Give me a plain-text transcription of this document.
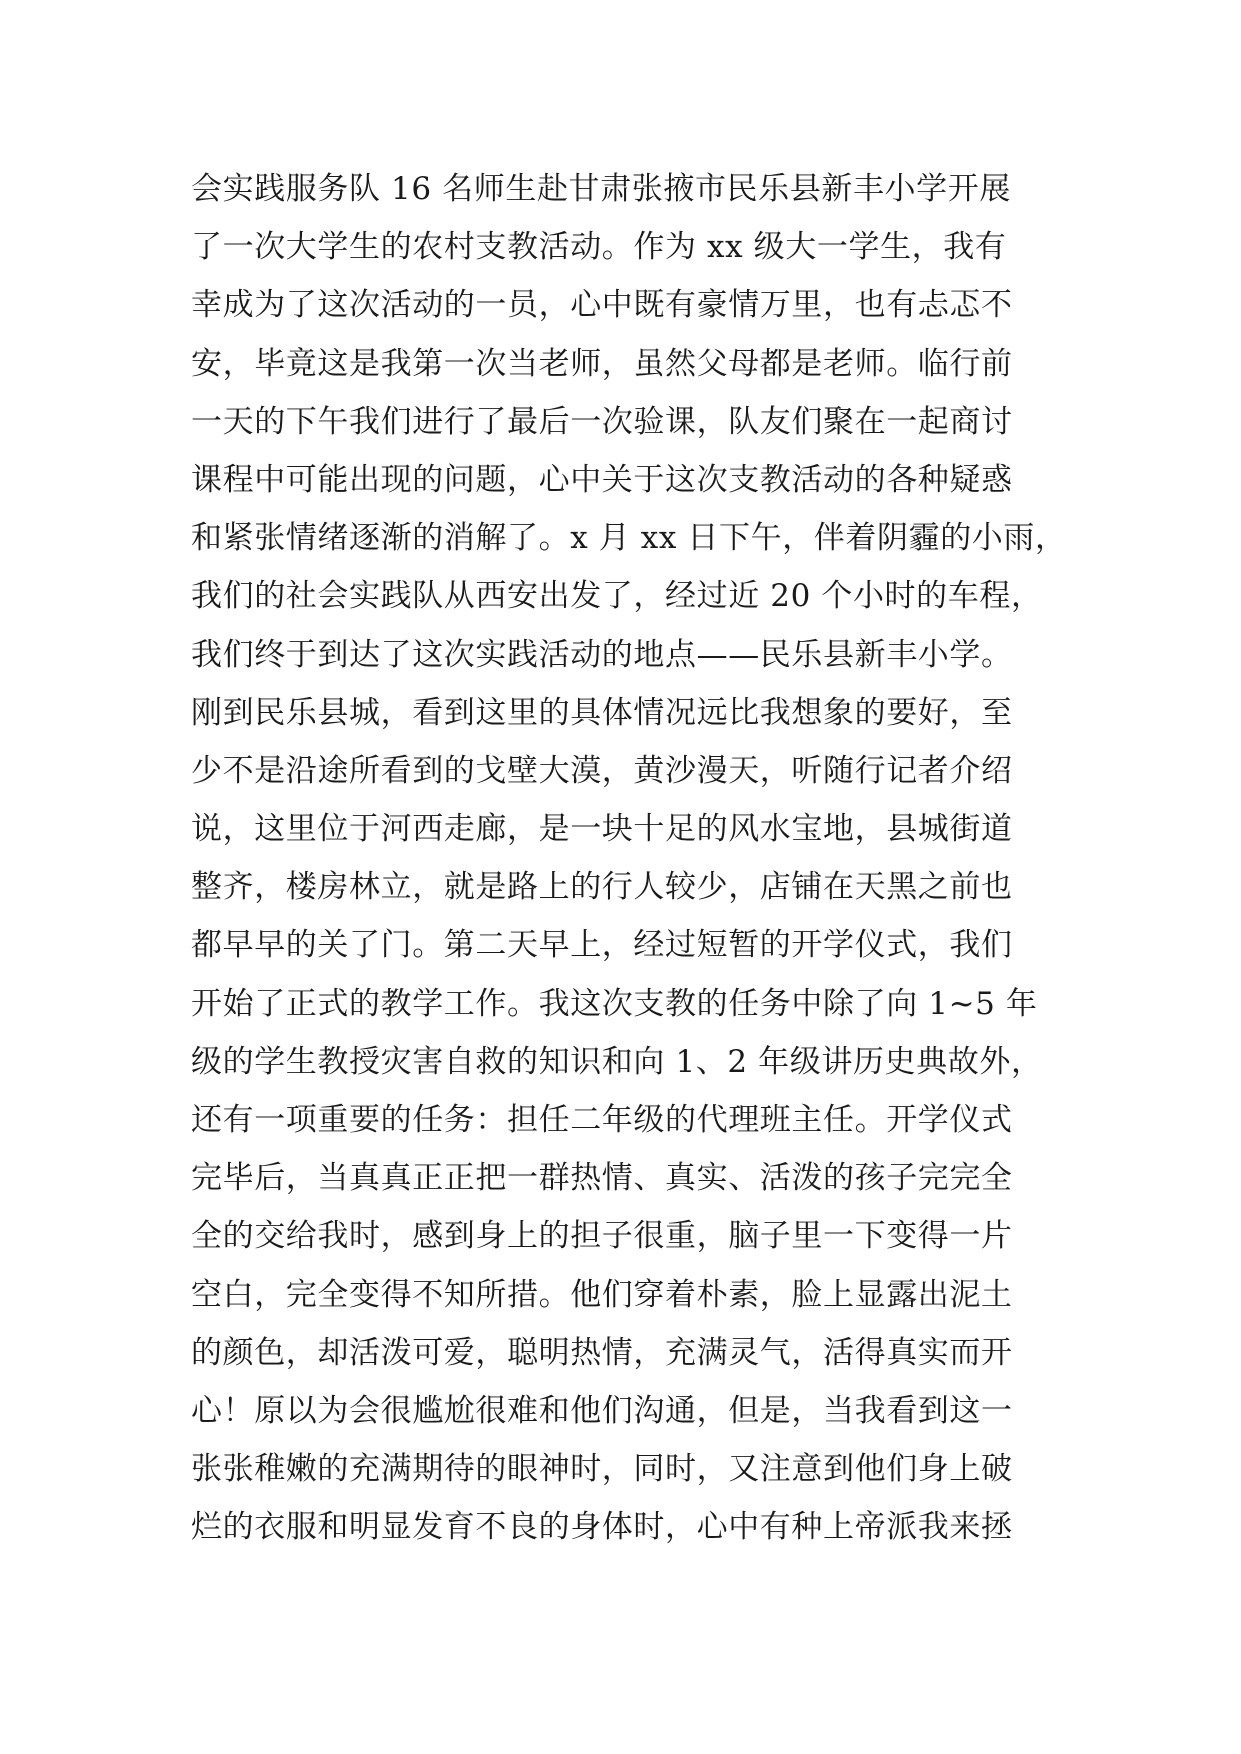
会实践服务队 16 名师生赴甘肃张掖市民乐县新丰小学开展
了一次大学生的农村支教活动。作为 xx 级大一学生，我有
幸成为了这次活动的一员，心中既有豪情万里，也有忐忑不
安，毕竟这是我第一次当老师，虽然父母都是老师。临行前
一天的下午我们进行了最后一次验课，队友们聚在一起商讨
课程中可能出现的问题，心中关于这次支教活动的各种疑惑
和紧张情绪逐渐的消解了。x 月 xx 日下午，伴着阴霾的小雨，
我们的社会实践队从西安出发了，经过近 20 个小时的车程，
我们终于到达了这次实践活动的地点——民乐县新丰小学。
刚到民乐县城，看到这里的具体情况远比我想象的要好，至
少不是沿途所看到的戈壁大漠，黄沙漫天，听随行记者介绍
说，这里位于河西走廊，是一块十足的风水宝地，县城街道
整齐，楼房林立，就是路上的行人较少，店铺在天黑之前也
都早早的关了门。第二天早上，经过短暂的开学仪式，我们
开始了正式的教学工作。我这次支教的任务中除了向 1~5 年
级的学生教授灾害自救的知识和向 1、2 年级讲历史典故外，
还有一项重要的任务：担任二年级的代理班主任。开学仪式
完毕后，当真真正正把一群热情、真实、活泼的孩子完完全
全的交给我时，感到身上的担子很重，脑子里一下变得一片
空白，完全变得不知所措。他们穿着朴素，脸上显露出泥土
的颜色，却活泼可爱，聪明热情，充满灵气，活得真实而开
心！原以为会很尴尬很难和他们沟通，但是，当我看到这一
张张稚嫩的充满期待的眼神时，同时，又注意到他们身上破
烂的衣服和明显发育不良的身体时，心中有种上帝派我来拯
